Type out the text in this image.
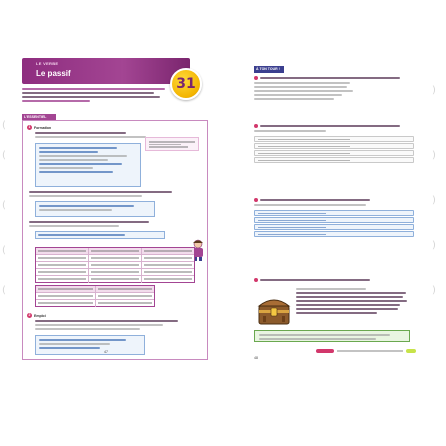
(
(
(
(
(
)
)
)
)
)
LE VERBE
Le passif
31
L'ESSENTIEL
1	Formation
2	Emploi
47
À TON TOUR !
48
